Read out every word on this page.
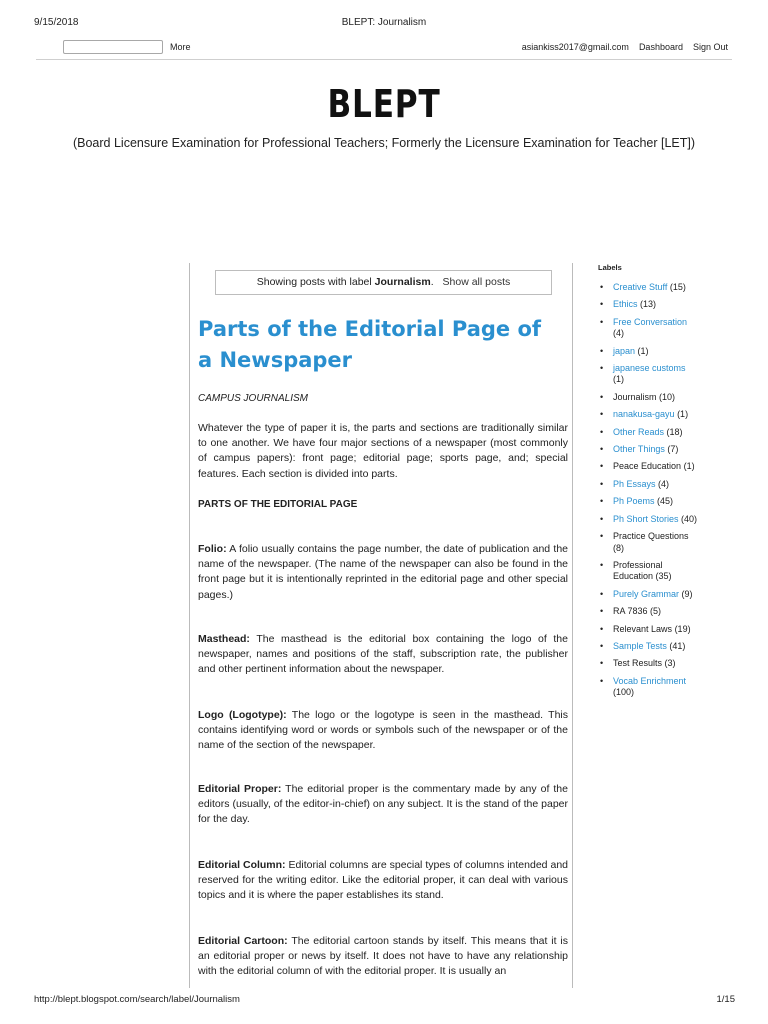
9/15/2018	BLEPT: Journalism
More	asiankiss2017@gmail.com Dashboard Sign Out
BLEPT
(Board Licensure Examination for Professional Teachers; Formerly the Licensure Examination for Teacher [LET])
Showing posts with label Journalism. Show all posts
Parts of the Editorial Page of a Newspaper
CAMPUS JOURNALISM
Whatever the type of paper it is, the parts and sections are traditionally similar to one another. We have four major sections of a newspaper (most commonly of campus papers): front page; editorial page; sports page, and; special features. Each section is divided into parts.
PARTS OF THE EDITORIAL PAGE
Folio: A folio usually contains the page number, the date of publication and the name of the newspaper. (The name of the newspaper can also be found in the front page but it is intentionally reprinted in the editorial page and other special pages.)
Masthead: The masthead is the editorial box containing the logo of the newspaper, names and positions of the staff, subscription rate, the publisher and other pertinent information about the newspaper.
Logo (Logotype): The logo or the logotype is seen in the masthead. This contains identifying word or words or symbols such of the newspaper or of the name of the section of the newspaper.
Editorial Proper: The editorial proper is the commentary made by any of the editors (usually, of the editor-in-chief) on any subject. It is the stand of the paper for the day.
Editorial Column: Editorial columns are special types of columns intended and reserved for the writing editor. Like the editorial proper, it can deal with various topics and it is where the paper establishes its stand.
Editorial Cartoon: The editorial cartoon stands by itself. This means that it is an editorial proper or news by itself. It does not have to have any relationship with the editorial column of with the editorial proper. It is usually an
Labels
• Creative Stuff (15)
• Ethics (13)
• Free Conversation (4)
• japan (1)
• japanese customs (1)
• Journalism (10)
• nanakusa-gayu (1)
• Other Reads (18)
• Other Things (7)
• Peace Education (1)
• Ph Essays (4)
• Ph Poems (45)
• Ph Short Stories (40)
• Practice Questions (8)
• Professional Education (35)
• Purely Grammar (9)
• RA 7836 (5)
• Relevant Laws (19)
• Sample Tests (41)
• Test Results (3)
• Vocab Enrichment (100)
http://blept.blogspot.com/search/label/Journalism	1/15
